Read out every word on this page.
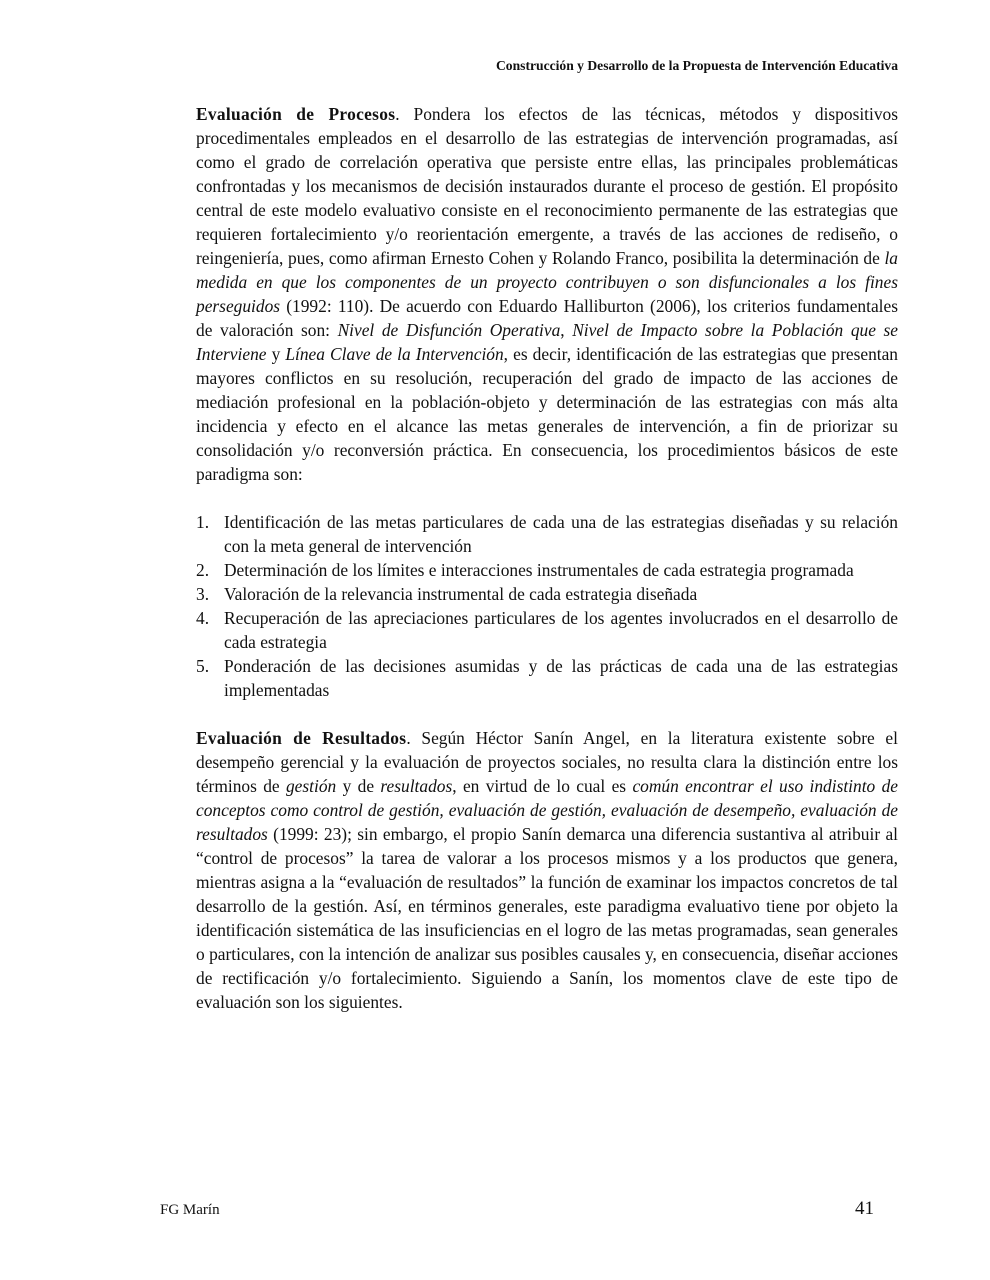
Construcción y Desarrollo de la Propuesta de Intervención Educativa

Evaluación de Procesos. Pondera los efectos de las técnicas, métodos y dispositivos procedimentales empleados en el desarrollo de las estrategias de intervención programadas, así como el grado de correlación operativa que persiste entre ellas, las principales problemáticas confrontadas y los mecanismos de decisión instaurados durante el proceso de gestión. El propósito central de este modelo evaluativo consiste en el reconocimiento permanente de las estrategias que requieren fortalecimiento y/o reorientación emergente, a través de las acciones de rediseño, o reingeniería, pues, como afirman Ernesto Cohen y Rolando Franco, posibilita la determinación de la medida en que los componentes de un proyecto contribuyen o son disfuncionales a los fines perseguidos (1992: 110). De acuerdo con Eduardo Halliburton (2006), los criterios fundamentales de valoración son: Nivel de Disfunción Operativa, Nivel de Impacto sobre la Población que se Interviene y Línea Clave de la Intervención, es decir, identificación de las estrategias que presentan mayores conflictos en su resolución, recuperación del grado de impacto de las acciones de mediación profesional en la población-objeto y determinación de las estrategias con más alta incidencia y efecto en el alcance las metas generales de intervención, a fin de priorizar su consolidación y/o reconversión práctica. En consecuencia, los procedimientos básicos de este paradigma son:

1. Identificación de las metas particulares de cada una de las estrategias diseñadas y su relación con la meta general de intervención
2. Determinación de los límites e interacciones instrumentales de cada estrategia programada
3. Valoración de la relevancia instrumental de cada estrategia diseñada
4. Recuperación de las apreciaciones particulares de los agentes involucrados en el desarrollo de cada estrategia
5. Ponderación de las decisiones asumidas y de las prácticas de cada una de las estrategias implementadas

Evaluación de Resultados. Según Héctor Sanín Angel, en la literatura existente sobre el desempeño gerencial y la evaluación de proyectos sociales, no resulta clara la distinción entre los términos de gestión y de resultados, en virtud de lo cual es común encontrar el uso indistinto de conceptos como control de gestión, evaluación de gestión, evaluación de desempeño, evaluación de resultados (1999: 23); sin embargo, el propio Sanín demarca una diferencia sustantiva al atribuir al “control de procesos” la tarea de valorar a los procesos mismos y a los productos que genera, mientras asigna a la “evaluación de resultados” la función de examinar los impactos concretos de tal desarrollo de la gestión. Así, en términos generales, este paradigma evaluativo tiene por objeto la identificación sistemática de las insuficiencias en el logro de las metas programadas, sean generales o particulares, con la intención de analizar sus posibles causales y, en consecuencia, diseñar acciones de rectificación y/o fortalecimiento. Siguiendo a Sanín, los momentos clave de este tipo de evaluación son los siguientes.

FG Marín	41
